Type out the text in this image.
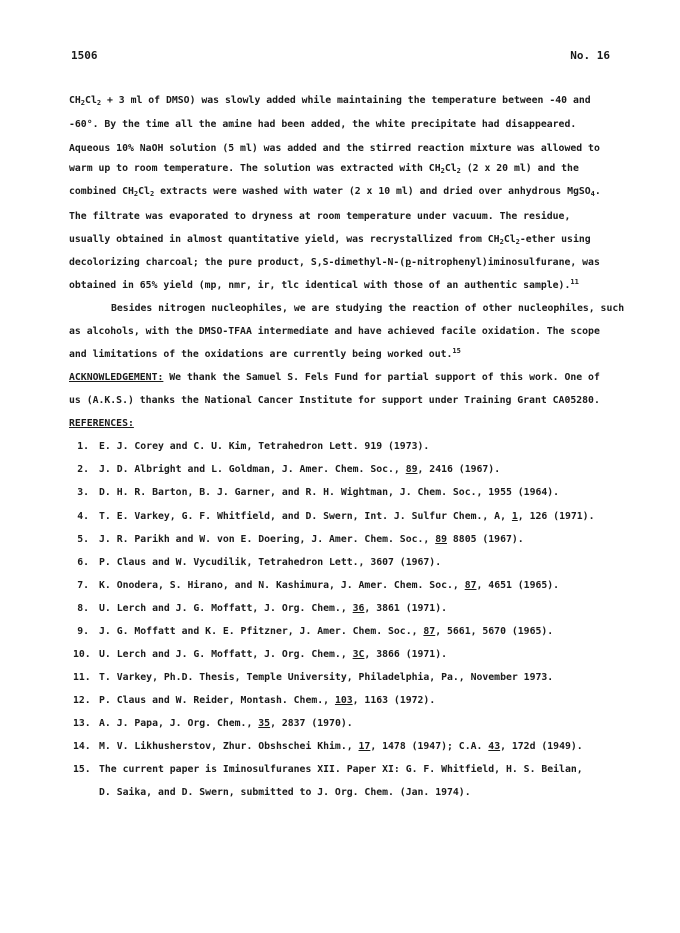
1506	No. 16
$CH_2Cl_2 + 3$ ml of DMSO) was slowly added while maintaining the temperature between -40 and
-60°. By the time all the amine had been added, the white precipitate had disappeared.
Aqueous 10% NaOH solution (5 ml) was added and the stirred reaction mixture was allowed to
warm up to room temperature. The solution was extracted with $CH_2Cl_2$ (2 x 20 ml) and the
combined $CH_2Cl_2$ extracts were washed with water (2 x 10 ml) and dried over anhydrous MgSO$_4$.
The filtrate was evaporated to dryness at room temperature under vacuum. The residue,
usually obtained in almost quantitative yield, was recrystallized from $CH_2Cl_2$-ether using
decolorizing charcoal; the pure product, S,S-dimethyl-N-(p-nitrophenyl)iminosulfurane, was
obtained in 65% yield (mp, nmr, ir, tlc identical with those of an authentic sample).$^{11}$
Besides nitrogen nucleophiles, we are studying the reaction of other nucleophiles, such
as alcohols, with the DMSO-TFAA intermediate and have achieved facile oxidation. The scope
and limitations of the oxidations are currently being worked out.$^{15}$
ACKNOWLEDGEMENT: We thank the Samuel S. Fels Fund for partial support of this work. One of
us (A.K.S.) thanks the National Cancer Institute for support under Training Grant CA05280.
REFERENCES:
1. E. J. Corey and C. U. Kim, Tetrahedron Lett. 919 (1973).
2. J. D. Albright and L. Goldman, J. Amer. Chem. Soc., 89, 2416 (1967).
3. D. H. R. Barton, B. J. Garner, and R. H. Wightman, J. Chem. Soc., 1955 (1964).
4. T. E. Varkey, G. F. Whitfield, and D. Swern, Int. J. Sulfur Chem., A, 1, 126 (1971).
5. J. R. Parikh and W. von E. Doering, J. Amer. Chem. Soc., 89 8805 (1967).
6. P. Claus and W. Vycudilik, Tetrahedron Lett., 3607 (1967).
7. K. Onodera, S. Hirano, and N. Kashimura, J. Amer. Chem. Soc., 87, 4651 (1965).
8. U. Lerch and J. G. Moffatt, J. Org. Chem., 36, 3861 (1971).
9. J. G. Moffatt and K. E. Pfitzner, J. Amer. Chem. Soc., 87, 5661, 5670 (1965).
10. U. Lerch and J. G. Moffatt, J. Org. Chem., 3C, 3866 (1971).
11. T. Varkey, Ph.D. Thesis, Temple University, Philadelphia, Pa., November 1973.
12. P. Claus and W. Reider, Montash. Chem., 103, 1163 (1972).
13. A. J. Papa, J. Org. Chem., 35, 2837 (1970).
14. M. V. Likhusherstov, Zhur. Obshschei Khim., 17, 1478 (1947); C.A. 43, 172d (1949).
15. The current paper is Iminosulfuranes XII. Paper XI: G. F. Whitfield, H. S. Beilan,
D. Saika, and D. Swern, submitted to J. Org. Chem. (Jan. 1974).
